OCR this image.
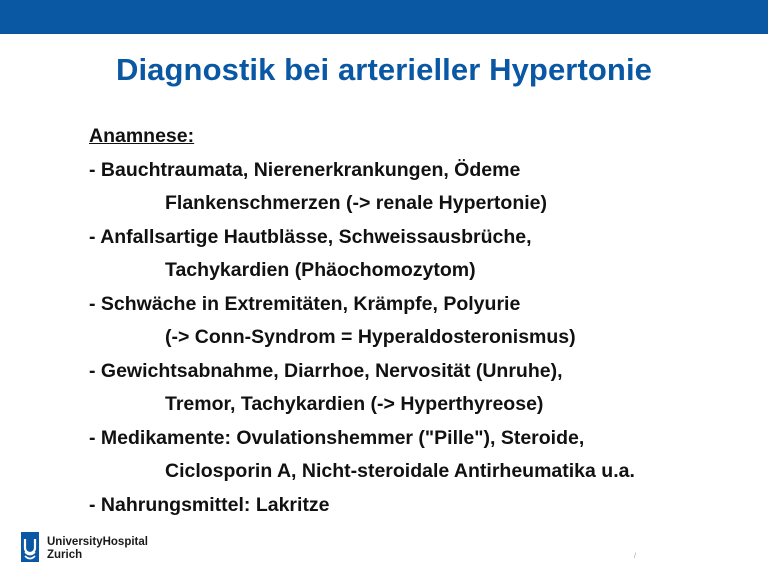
Diagnostik bei arterieller Hypertonie
Anamnese:
- Bauchtraumata, Nierenerkrankungen, Ödeme
Flankenschmerzen (-> renale Hypertonie)
- Anfallsartige Hautblässe, Schweissausbrüche,
Tachykardien (Phäochomozytom)
- Schwäche in Extremitäten, Krämpfe, Polyurie
(-> Conn-Syndrom = Hyperaldosteronismus)
- Gewichtsabnahme, Diarrhoe, Nervosität (Unruhe),
Tremor, Tachykardien (-> Hyperthyreose)
- Medikamente: Ovulationshemmer ("Pille"), Steroide,
Ciclosporin A, Nicht-steroidale Antirheumatika u.a.
- Nahrungsmittel: Lakritze
UniversityHospital
Zurich	/
